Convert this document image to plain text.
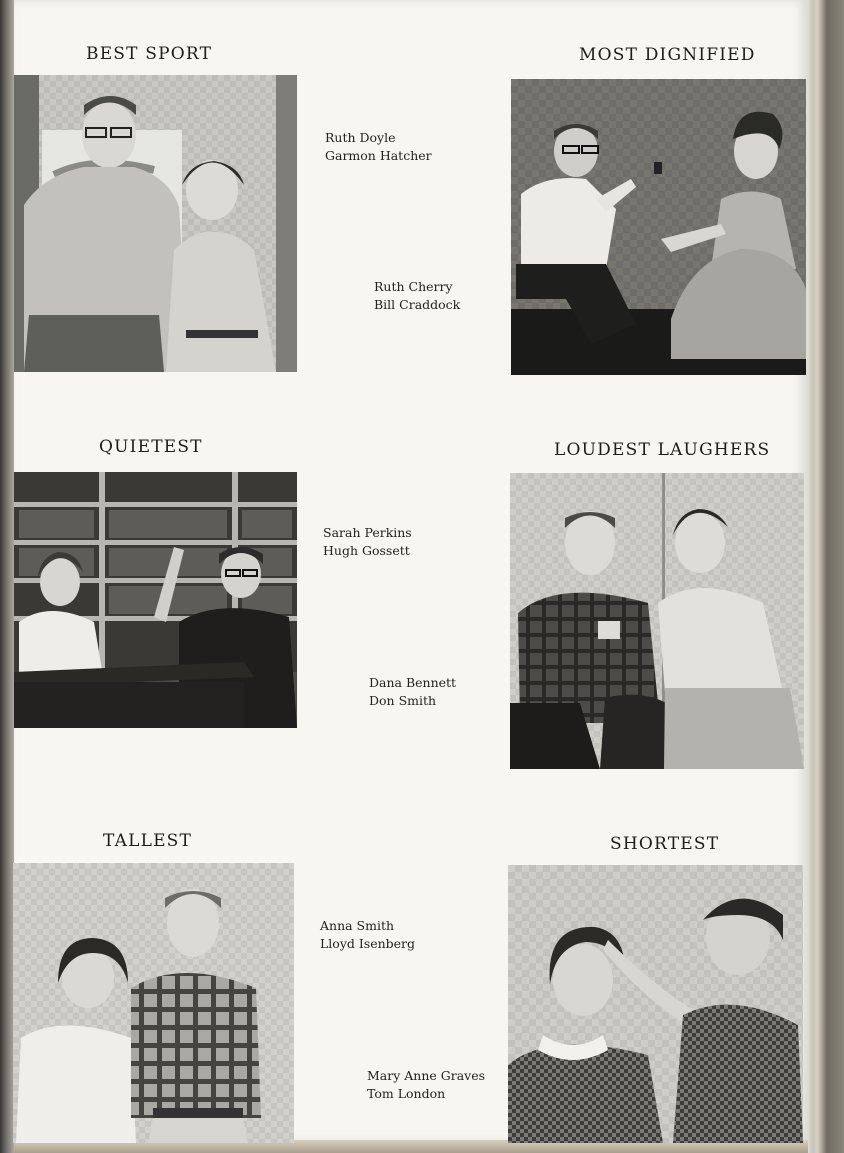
BEST SPORT	MOST DIGNIFIED
QUIETEST	LOUDEST LAUGHERS
TALLEST	SHORTEST
Ruth Doyle
Garmon Hatcher
Ruth Cherry
Bill Craddock
Sarah Perkins
Hugh Gossett
Dana Bennett
Don Smith
Anna Smith
Lloyd Isenberg
Mary Anne Graves
Tom London
